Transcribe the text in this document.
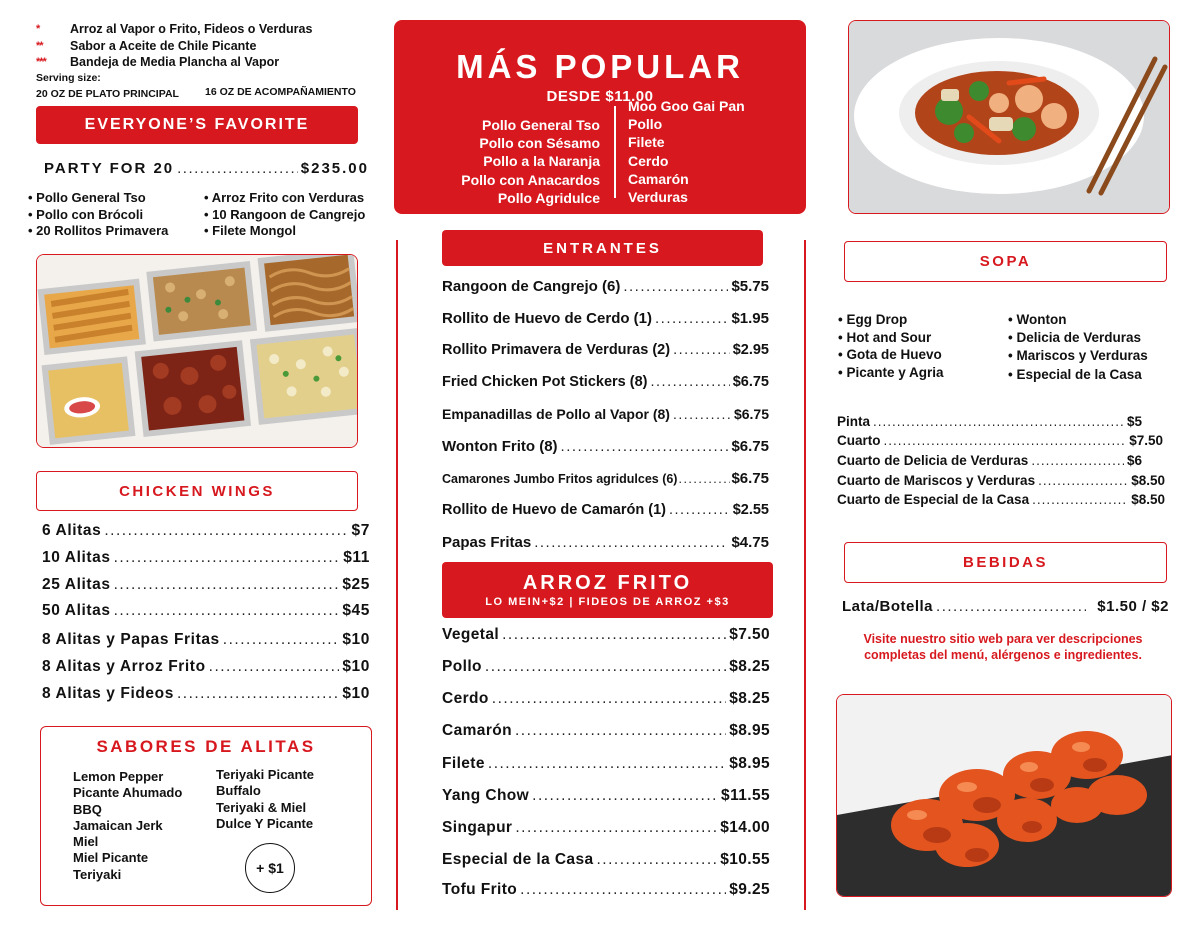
*	Arroz al Vapor o Frito, Fideos o Verduras
**	Sabor a Aceite de Chile Picante
***	Bandeja de Media Plancha al Vapor
Serving size:
20 OZ DE PLATO PRINCIPAL 16 OZ DE ACOMPAÑAMIENTO
EVERYONE’S FAVORITE
PARTY FOR 20 .....	$235.00
• Pollo General Tso
• Pollo con Brócoli
• 20 Rollitos Primavera
• Arroz Frito con Verduras
• 10 Rangoon de Cangrejo
• Filete Mongol
CHICKEN WINGS
6 Alitas .....	$7
10 Alitas .....	$11
25 Alitas .....	$25
50 Alitas .....	$45
8 Alitas y Papas Fritas .....	$10
8 Alitas y Arroz Frito .....	$10
8 Alitas y Fideos .....	$10
SABORES DE ALITAS
Lemon Pepper
Picante Ahumado
BBQ
Jamaican Jerk
Miel
Miel Picante
Teriyaki
Teriyaki Picante
Buffalo
Teriyaki & Miel
Dulce Y Picante
+ $1
MÁS POPULAR
DESDE $11.00
Pollo General Tso
Pollo con Sésamo
Pollo a la Naranja
Pollo con Anacardos
Pollo Agridulce
Moo Goo Gai Pan
Pollo
Filete
Cerdo
Camarón
Verduras
ENTRANTES
Rangoon de Cangrejo (6) .....	$5.75
Rollito de Huevo de Cerdo (1) .....	$1.95
Rollito Primavera de Verduras (2) .....	$2.95
Fried Chicken Pot Stickers (8) .....	$6.75
Empanadillas de Pollo al Vapor (8) .....	$6.75
Wonton Frito (8) .....	$6.75
Camarones Jumbo Fritos agridulces (6) .....	$6.75
Rollito de Huevo de Camarón (1) .....	$2.55
Papas Fritas .....	$4.75
ARROZ FRITO
LO MEIN+$2 | FIDEOS DE ARROZ +$3
Vegetal .....	$7.50
Pollo .....	$8.25
Cerdo .....	$8.25
Camarón .....	$8.95
Filete .....	$8.95
Yang Chow .....	$11.55
Singapur .....	$14.00
Especial de la Casa .....	$10.55
Tofu Frito .....	$9.25
SOPA
• Egg Drop
• Hot and Sour
• Gota de Huevo
• Picante y Agria
• Wonton
• Delicia de Verduras
• Mariscos y Verduras
• Especial de la Casa
Pinta .....	$5
Cuarto .....	$7.50
Cuarto de Delicia de Verduras .....	$6
Cuarto de Mariscos y Verduras .....	$8.50
Cuarto de Especial de la Casa .....	$8.50
BEBIDAS
Lata/Botella .....	$1.50 / $2
Visite nuestro sitio web para ver descripciones completas del menú, alérgenos e ingredientes.
